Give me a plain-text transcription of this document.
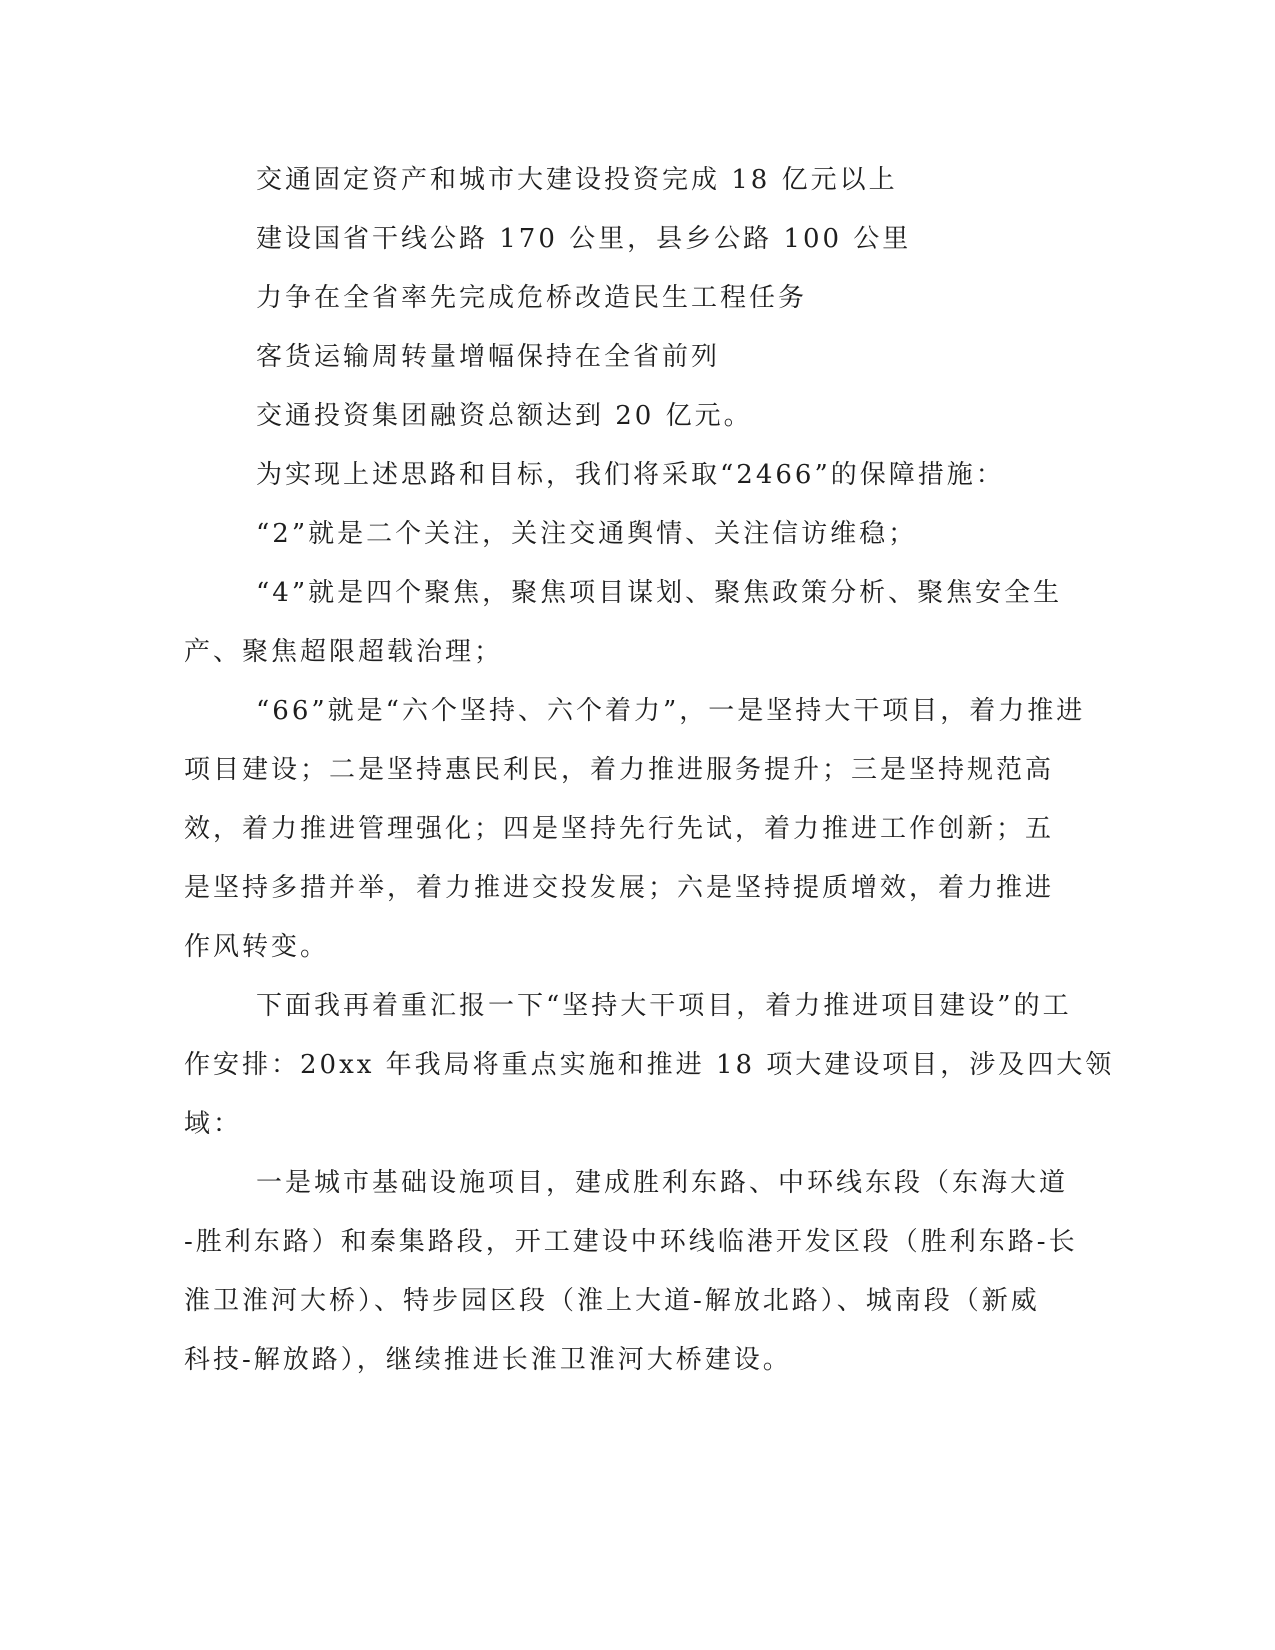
交通固定资产和城市大建设投资完成 18 亿元以上

建设国省干线公路 170 公里，县乡公路 100 公里

力争在全省率先完成危桥改造民生工程任务

客货运输周转量增幅保持在全省前列

交通投资集团融资总额达到 20 亿元。

为实现上述思路和目标，我们将采取“2466”的保障措施：

“2”就是二个关注，关注交通舆情、关注信访维稳；

“4”就是四个聚焦，聚焦项目谋划、聚焦政策分析、聚焦安全生

产、聚焦超限超载治理；

“66”就是“六个坚持、六个着力”，一是坚持大干项目，着力推进

项目建设；二是坚持惠民利民，着力推进服务提升；三是坚持规范高

效，着力推进管理强化；四是坚持先行先试，着力推进工作创新；五

是坚持多措并举，着力推进交投发展；六是坚持提质增效，着力推进

作风转变。

下面我再着重汇报一下“坚持大干项目，着力推进项目建设”的工

作安排：20xx 年我局将重点实施和推进 18 项大建设项目，涉及四大领

域：

一是城市基础设施项目，建成胜利东路、中环线东段（东海大道

-胜利东路）和秦集路段，开工建设中环线临港开发区段（胜利东路-长

淮卫淮河大桥）、特步园区段（淮上大道-解放北路）、城南段（新威

科技-解放路），继续推进长淮卫淮河大桥建设。
